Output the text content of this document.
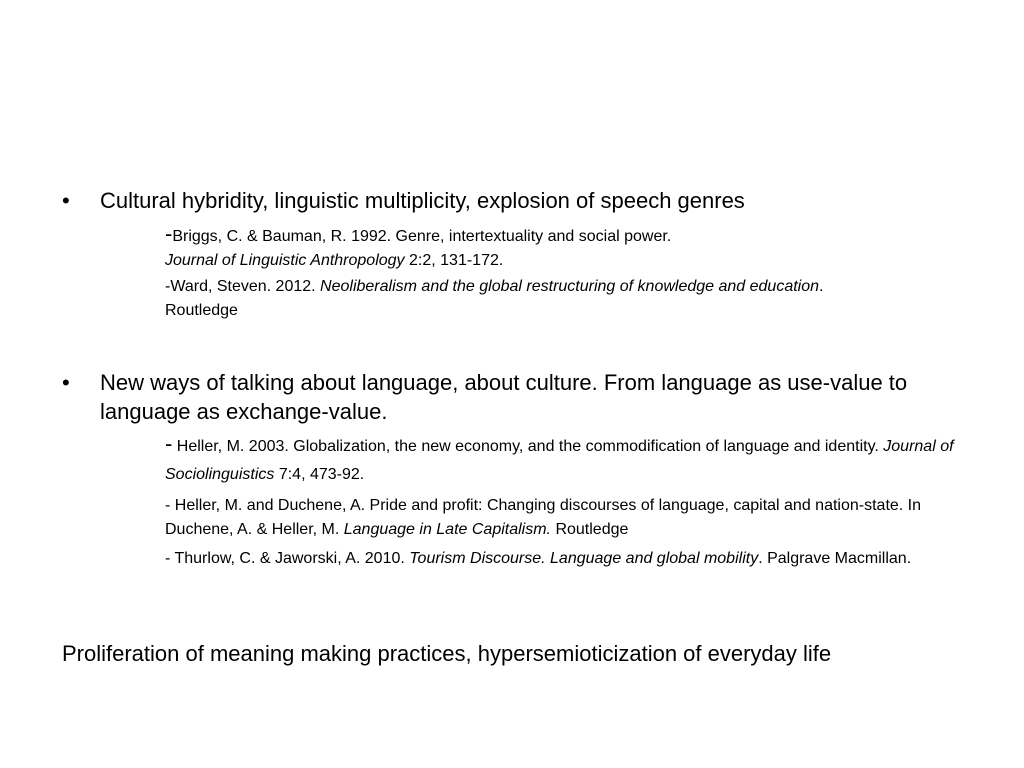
• Cultural hybridity, linguistic multiplicity, explosion of speech genres
-Briggs, C. & Bauman, R. 1992. Genre, intertextuality and social power.
Journal of Linguistic Anthropology 2:2, 131-172.
-Ward, Steven. 2012. Neoliberalism and the global restructuring of knowledge and education. Routledge
• New ways of talking about language, about culture. From language as use-value to language as exchange-value.
- Heller, M. 2003. Globalization, the new economy, and the commodification of language and identity. Journal of Sociolinguistics 7:4, 473-92.
- Heller, M. and Duchene, A. Pride and profit: Changing discourses of language, capital and nation-state. In Duchene, A. & Heller, M. Language in Late Capitalism. Routledge
- Thurlow, C. & Jaworski, A. 2010. Tourism Discourse. Language and global mobility. Palgrave Macmillan.
Proliferation of meaning making practices, hypersemioticization of everyday life
